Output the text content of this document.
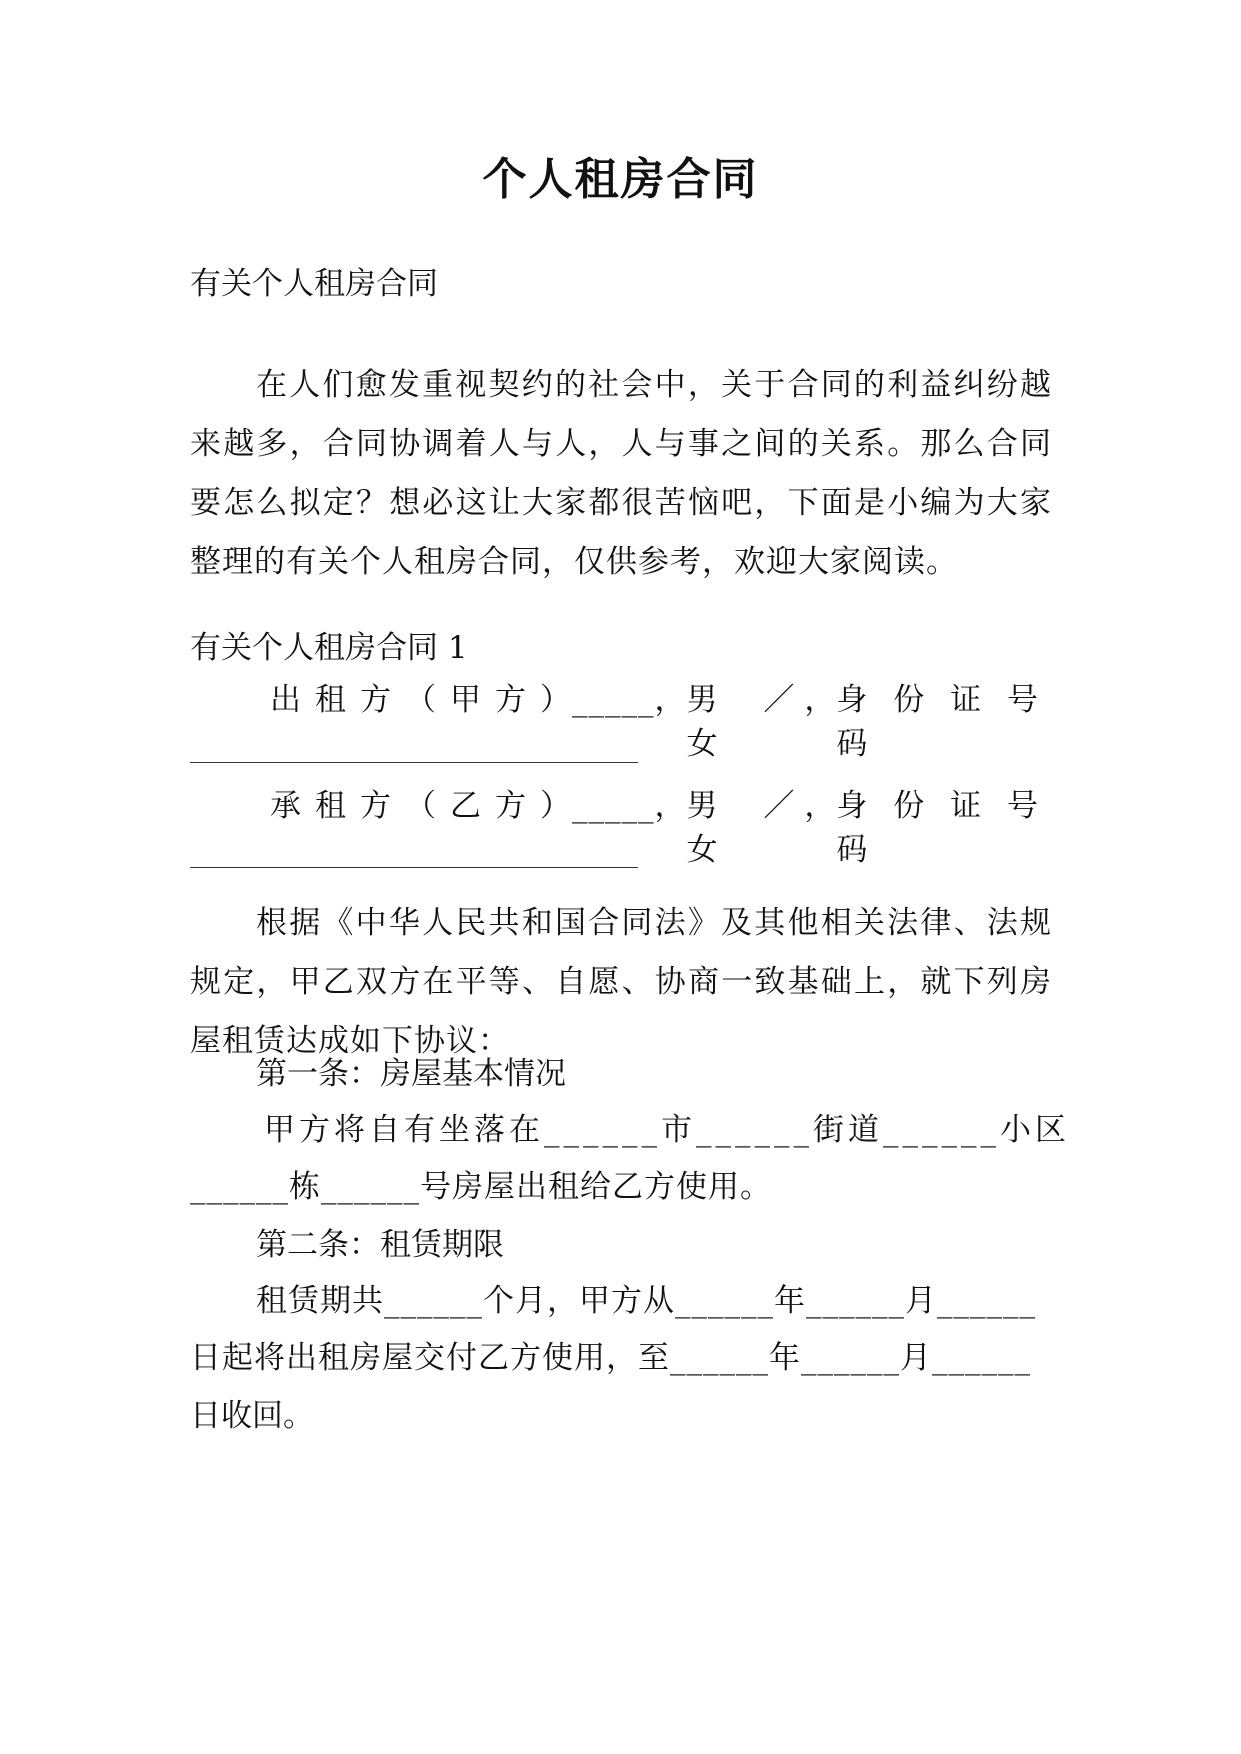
个人租房合同
有关个人租房合同
在人们愈发重视契约的社会中，关于合同的利益纠纷越来越多，合同协调着人与人，人与事之间的关系。那么合同要怎么拟定？想必这让大家都很苦恼吧，下面是小编为大家整理的有关个人租房合同，仅供参考，欢迎大家阅读。
有关个人租房合同 1
出租方（甲方）
_____ ， 男／女
， 身份证号码
承租方（乙方）
_____ ， 男／女
， 身份证号码
根据《中华人民共和国合同法》及其他相关法律、法规规定，甲乙双方在平等、自愿、协商一致基础上，就下列房屋租赁达成如下协议：
第一条：房屋基本情况
甲方将自有坐落在______市______街道______小区
______栋______号房屋出租给乙方使用。
第二条：租赁期限
租赁期共______个月，甲方从______年______月______
日起将出租房屋交付乙方使用，至______年______月______
日收回。
